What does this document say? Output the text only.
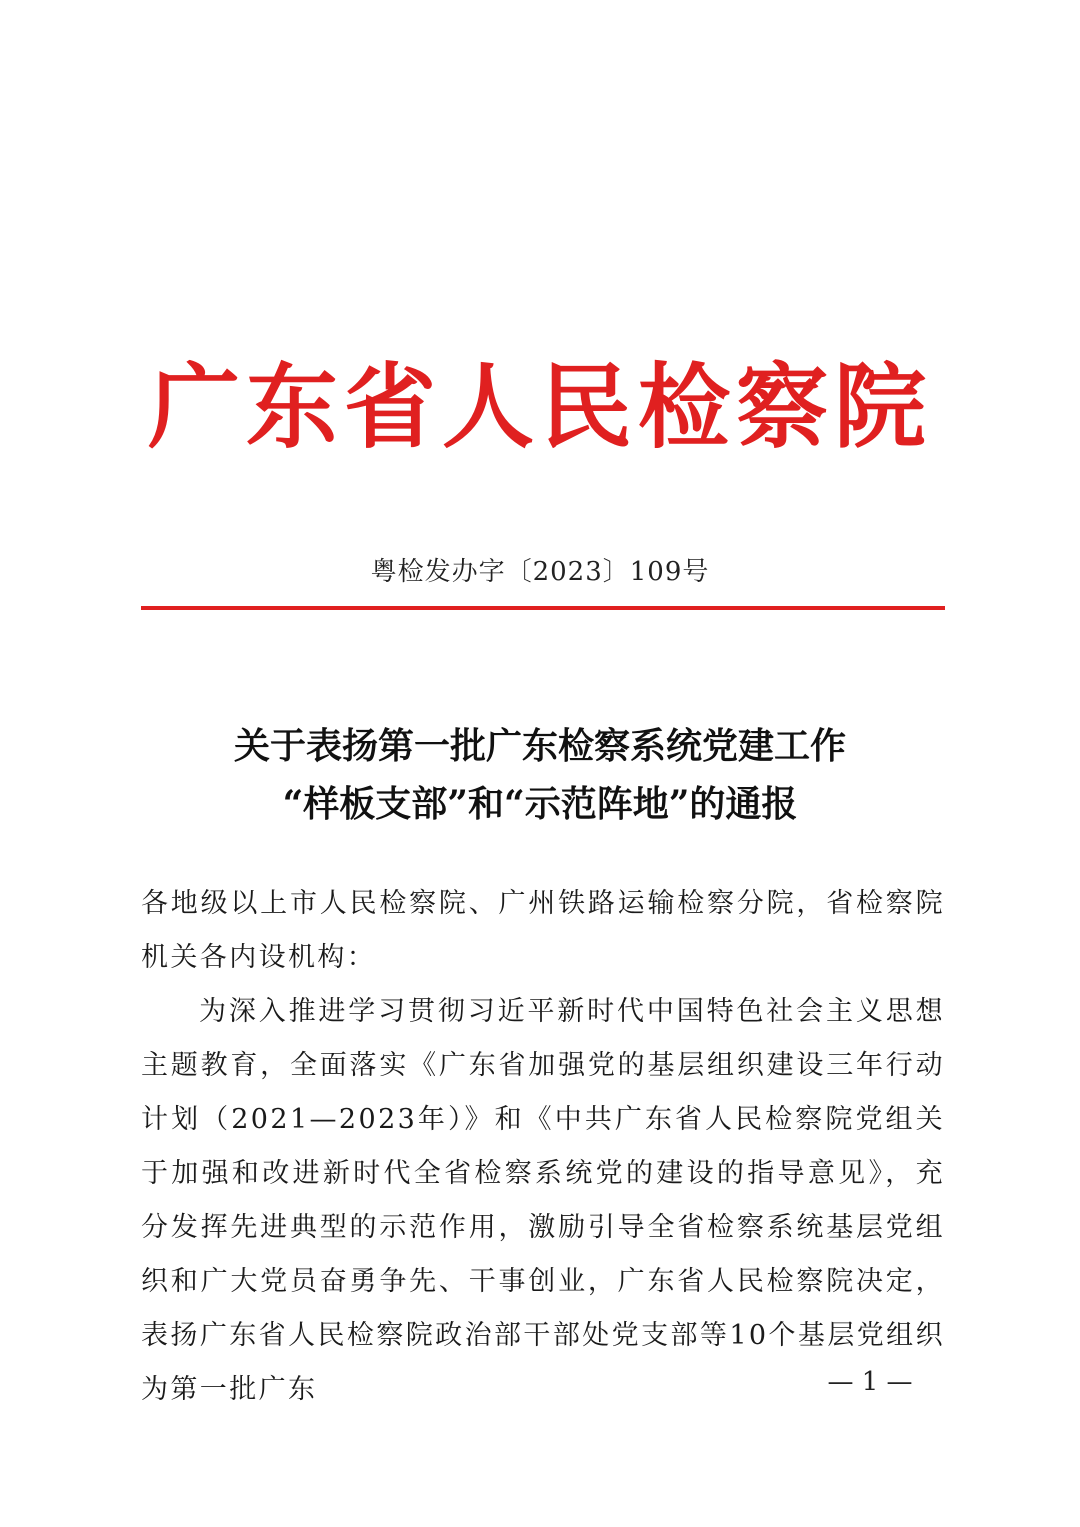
广东省人民检察院
粤检发办字〔2023〕109号
关于表扬第一批广东检察系统党建工作
“样板支部”和“示范阵地”的通报

各地级以上市人民检察院、广州铁路运输检察分院，省检察院机关各内设机构：

为深入推进学习贯彻习近平新时代中国特色社会主义思想主题教育，全面落实《广东省加强党的基层组织建设三年行动计划（2021—2023年）》和《中共广东省人民检察院党组关于加强和改进新时代全省检察系统党的建设的指导意见》，充分发挥先进典型的示范作用，激励引导全省检察系统基层党组织和广大党员奋勇争先、干事创业，广东省人民检察院决定，表扬广东省人民检察院政治部干部处党支部等10个基层党组织为第一批广东	— 1 —
